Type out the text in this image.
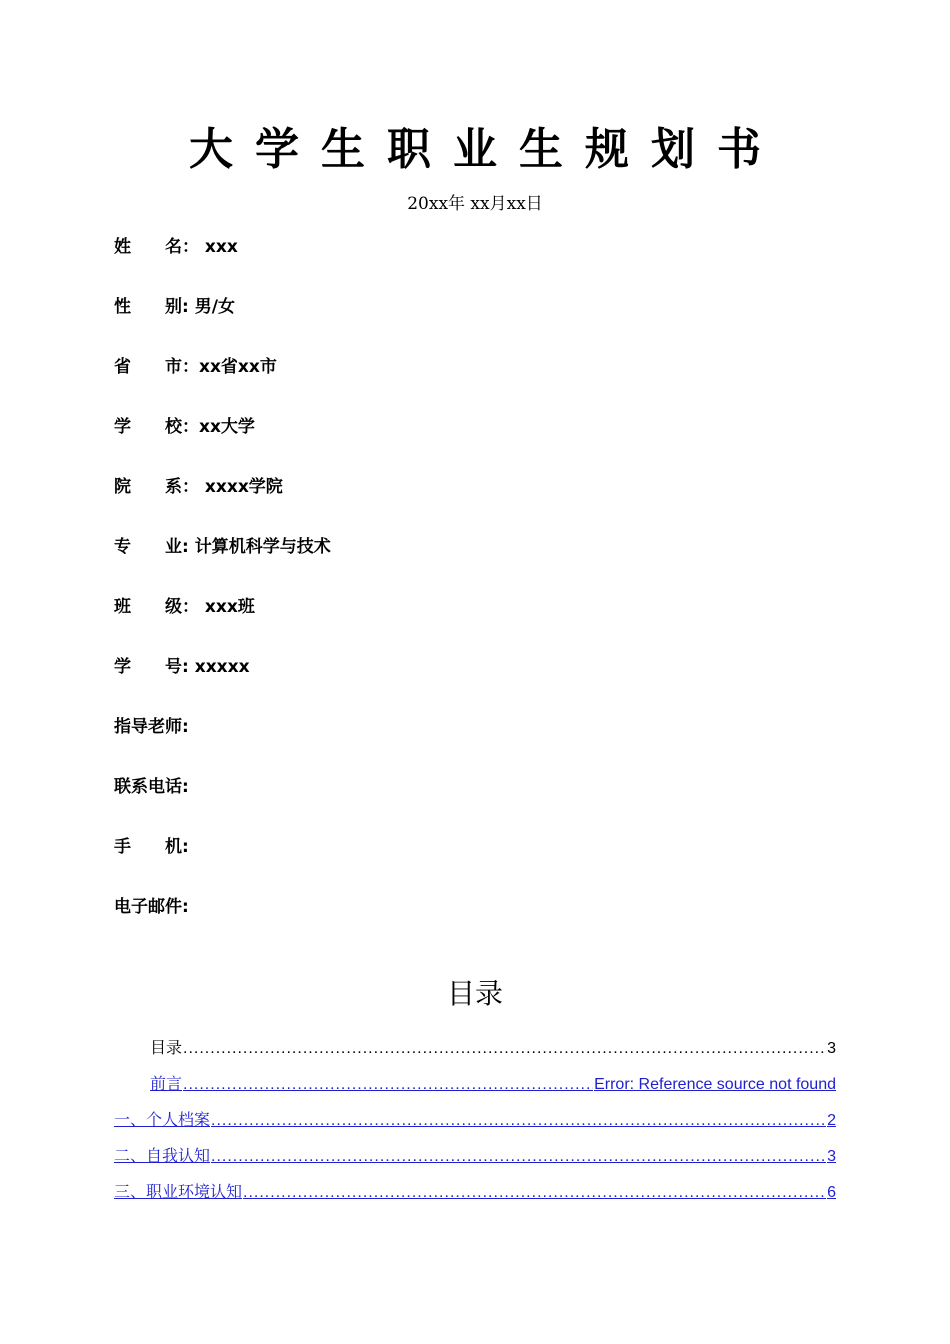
大学生职业生规划书
20xx年 xx月xx日
姓　　名： xxx
性　　别: 男/女
省　　市： xx省xx市
学　　校： xx大学
院　　系： xxxx学院
专　　业: 计算机科学与技术
班　　级： xxx班
学　　号: xxxxx
指导老师:
联系电话:
手　　机:
电子邮件:
目录
目录 .....	3
前言 .....	Error: Reference source not found
一、个人档案 .....	2
二、自我认知 .....	3
三、职业环境认知 .....	6
